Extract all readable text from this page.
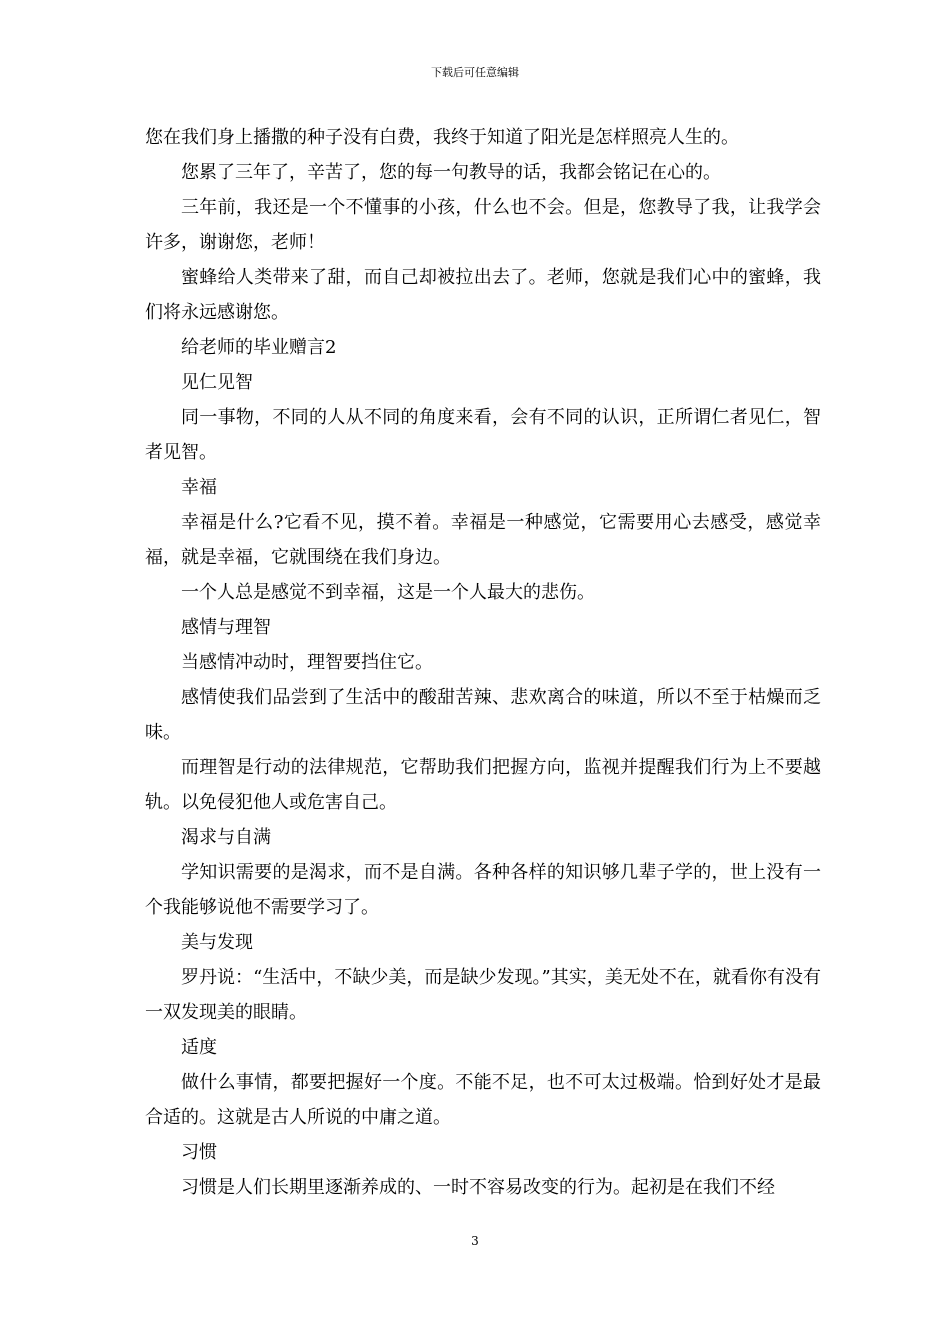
下载后可任意编辑

您在我们身上播撒的种子没有白费，我终于知道了阳光是怎样照亮人生的。

您累了三年了，辛苦了，您的每一句教导的话，我都会铭记在心的。

三年前，我还是一个不懂事的小孩，什么也不会。但是，您教导了我，让我学会许多，谢谢您，老师！

蜜蜂给人类带来了甜，而自己却被拉出去了。老师，您就是我们心中的蜜蜂，我们将永远感谢您。

给老师的毕业赠言2

见仁见智

同一事物，不同的人从不同的角度来看，会有不同的认识，正所谓仁者见仁，智者见智。

幸福

幸福是什么?它看不见，摸不着。幸福是一种感觉，它需要用心去感受，感觉幸福，就是幸福，它就围绕在我们身边。

一个人总是感觉不到幸福，这是一个人最大的悲伤。

感情与理智

当感情冲动时，理智要挡住它。

感情使我们品尝到了生活中的酸甜苦辣、悲欢离合的味道，所以不至于枯燥而乏味。

而理智是行动的法律规范，它帮助我们把握方向，监视并提醒我们行为上不要越轨。以免侵犯他人或危害自己。

渴求与自满

学知识需要的是渴求，而不是自满。各种各样的知识够几辈子学的，世上没有一个我能够说他不需要学习了。

美与发现

罗丹说：“生活中，不缺少美，而是缺少发现。”其实，美无处不在，就看你有没有一双发现美的眼睛。

适度

做什么事情，都要把握好一个度。不能不足，也不可太过极端。恰到好处才是最合适的。这就是古人所说的中庸之道。

习惯

习惯是人们长期里逐渐养成的、一时不容易改变的行为。起初是在我们不经

3
